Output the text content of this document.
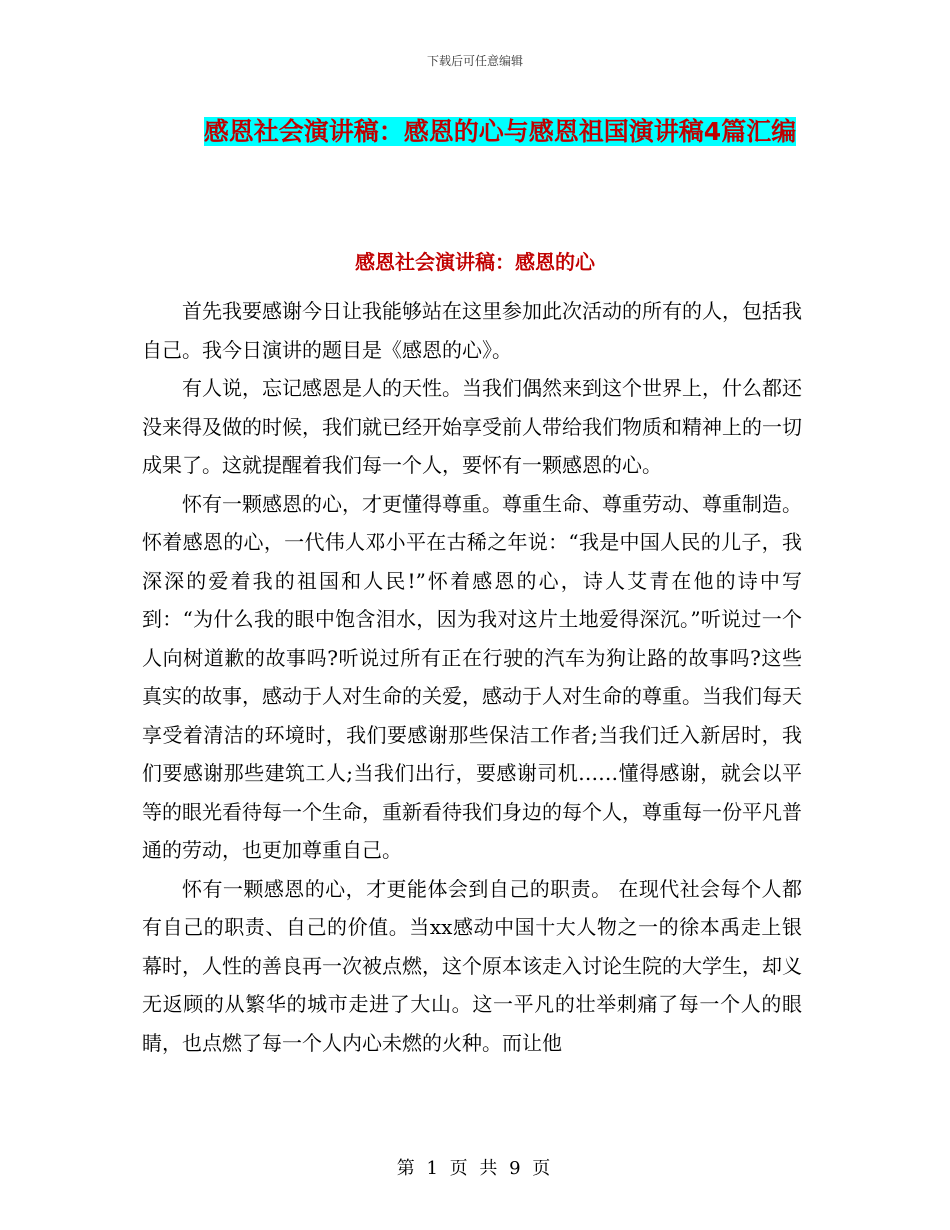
下载后可任意编辑
感恩社会演讲稿：感恩的心与感恩祖国演讲稿4篇汇编
感恩社会演讲稿：感恩的心

首先我要感谢今日让我能够站在这里参加此次活动的所有的人，包括我自己。我今日演讲的题目是《感恩的心》。

有人说，忘记感恩是人的天性。当我们偶然来到这个世界上，什么都还没来得及做的时候，我们就已经开始享受前人带给我们物质和精神上的一切成果了。这就提醒着我们每一个人，要怀有一颗感恩的心。

怀有一颗感恩的心，才更懂得尊重。尊重生命、尊重劳动、尊重制造。怀着感恩的心，一代伟人邓小平在古稀之年说：“我是中国人民的儿子，我深深的爱着我的祖国和人民!”怀着感恩的心，诗人艾青在他的诗中写到：“为什么我的眼中饱含泪水，因为我对这片土地爱得深沉。”听说过一个人向树道歉的故事吗?听说过所有正在行驶的汽车为狗让路的故事吗?这些真实的故事，感动于人对生命的关爱，感动于人对生命的尊重。当我们每天享受着清洁的环境时，我们要感谢那些保洁工作者;当我们迁入新居时，我们要感谢那些建筑工人;当我们出行，要感谢司机……懂得感谢，就会以平等的眼光看待每一个生命，重新看待我们身边的每个人，尊重每一份平凡普通的劳动，也更加尊重自己。

怀有一颗感恩的心，才更能体会到自己的职责。 在现代社会每个人都有自己的职责、自己的价值。当xx感动中国十大人物之一的徐本禹走上银幕时，人性的善良再一次被点燃，这个原本该走入讨论生院的大学生，却义无返顾的从繁华的城市走进了大山。这一平凡的壮举刺痛了每一个人的眼睛，也点燃了每一个人内心未燃的火种。而让他

第 1 页 共 9 页
